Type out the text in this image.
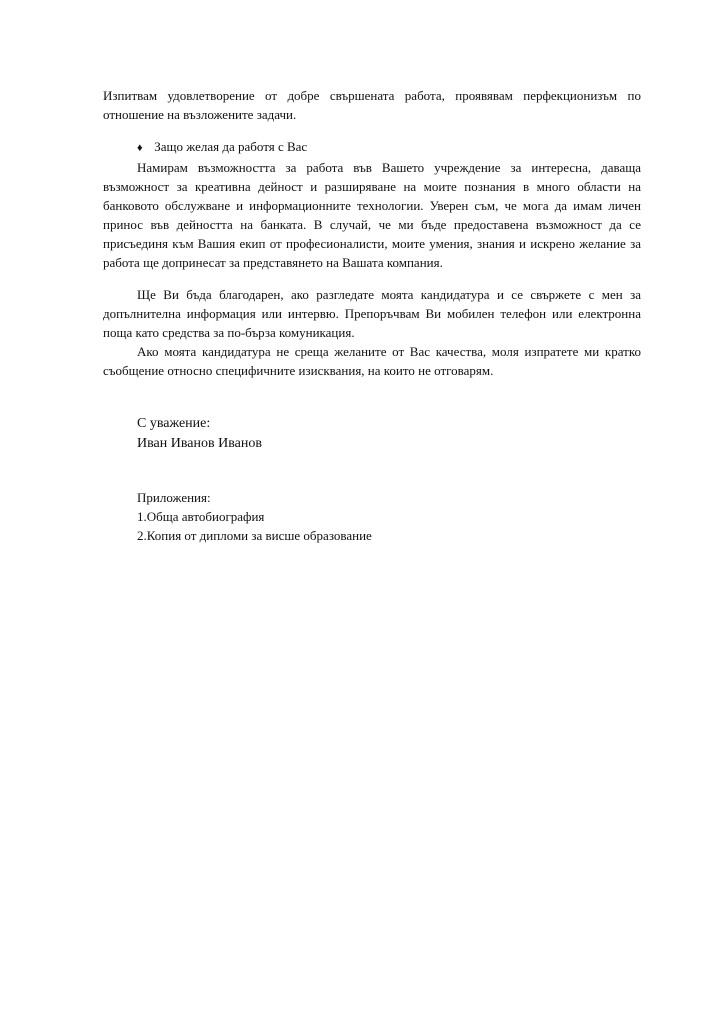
Изпитвам удовлетворение от добре свършената работа, проявявам перфекционизъм по отношение на възложените задачи.

♦ Защо желая да работя с Вас

Намирам възможността за работа във Вашето учреждение за интересна, даваща възможност за креативна дейност и разширяване на моите познания в много области на банковото обслужване и информационните технологии. Уверен съм, че мога да имам личен принос във дейността на банката. В случай, че ми бъде предоставена възможност да се присъединя към Вашия екип от професионалисти, моите умения, знания и искрено желание за работа ще допринесат за представянето на Вашата компания.

Ще Ви бъда благодарен, ако разгледате моята кандидатура и се свържете с мен за допълнителна информация или интервю. Препоръчвам Ви мобилен телефон или електронна поща като средства за по-бърза комуникация.

Ако моята кандидатура не среща желаните от Вас качества, моля изпратете ми кратко съобщение относно специфичните изисквания, на които не отговарям.

С уважение:

Иван Иванов Иванов

Приложения:

1.Обща автобиография

2.Копия от дипломи за висше образование
